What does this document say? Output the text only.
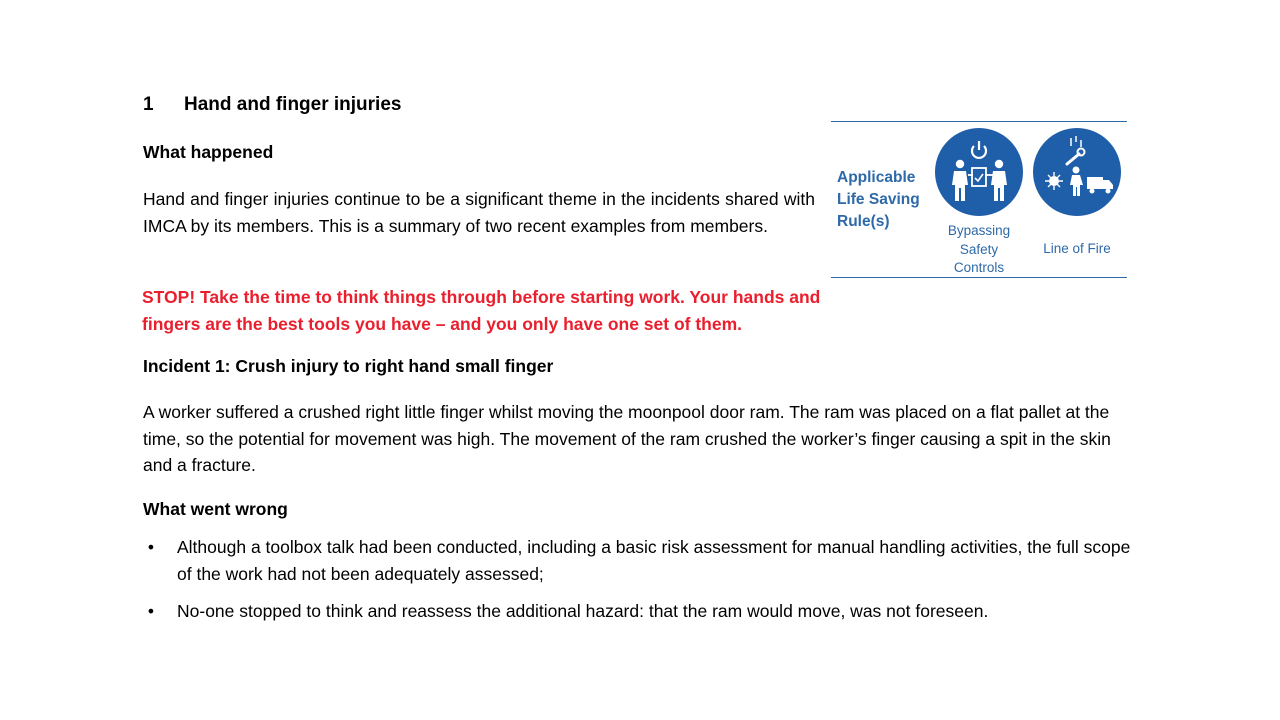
1 Hand and finger injuries
What happened
Hand and finger injuries continue to be a significant theme in the incidents shared with IMCA by its members. This is a summary of two recent examples from members.
STOP! Take the time to think things through before starting work. Your hands and fingers are the best tools you have – and you only have one set of them.
Applicable
Life Saving
Rule(s)
Bypassing
Safety
Controls
Line of Fire
Incident 1: Crush injury to right hand small finger
A worker suffered a crushed right little finger whilst moving the moonpool door ram. The ram was placed on a flat pallet at the time, so the potential for movement was high. The movement of the ram crushed the worker’s finger causing a spit in the skin and a fracture.
What went wrong
• Although a toolbox talk had been conducted, including a basic risk assessment for manual handling activities, the full scope of the work had not been adequately assessed;
• No-one stopped to think and reassess the additional hazard: that the ram would move, was not foreseen.
